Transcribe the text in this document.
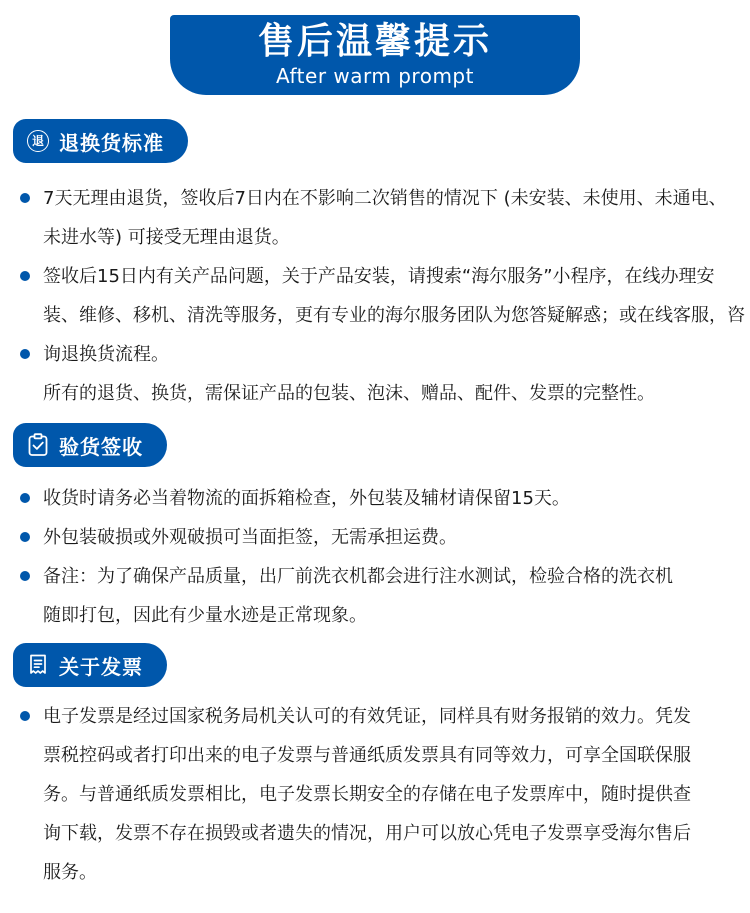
售后温馨提示
After warm prompt
退 退换货标准
7天无理由退货，签收后7日内在不影响二次销售的情况下 (未安装、未使用、未通电、
未进水等) 可接受无理由退货。
签收后15日内有关产品问题，关于产品安装，请搜索“海尔服务”小程序，在线办理安
装、维修、移机、清洗等服务，更有专业的海尔服务团队为您答疑解惑；或在线客服，咨
询退换货流程。
所有的退货、换货，需保证产品的包装、泡沫、赠品、配件、发票的完整性。
验货签收
收货时请务必当着物流的面拆箱检查，外包装及辅材请保留15天。
外包装破损或外观破损可当面拒签，无需承担运费。
备注：为了确保产品质量，出厂前洗衣机都会进行注水测试，检验合格的洗衣机
随即打包，因此有少量水迹是正常现象。
关于发票
电子发票是经过国家税务局机关认可的有效凭证，同样具有财务报销的效力。凭发
票税控码或者打印出来的电子发票与普通纸质发票具有同等效力，可享全国联保服
务。与普通纸质发票相比，电子发票长期安全的存储在电子发票库中，随时提供查
询下载，发票不存在损毁或者遗失的情况，用户可以放心凭电子发票享受海尔售后
服务。
